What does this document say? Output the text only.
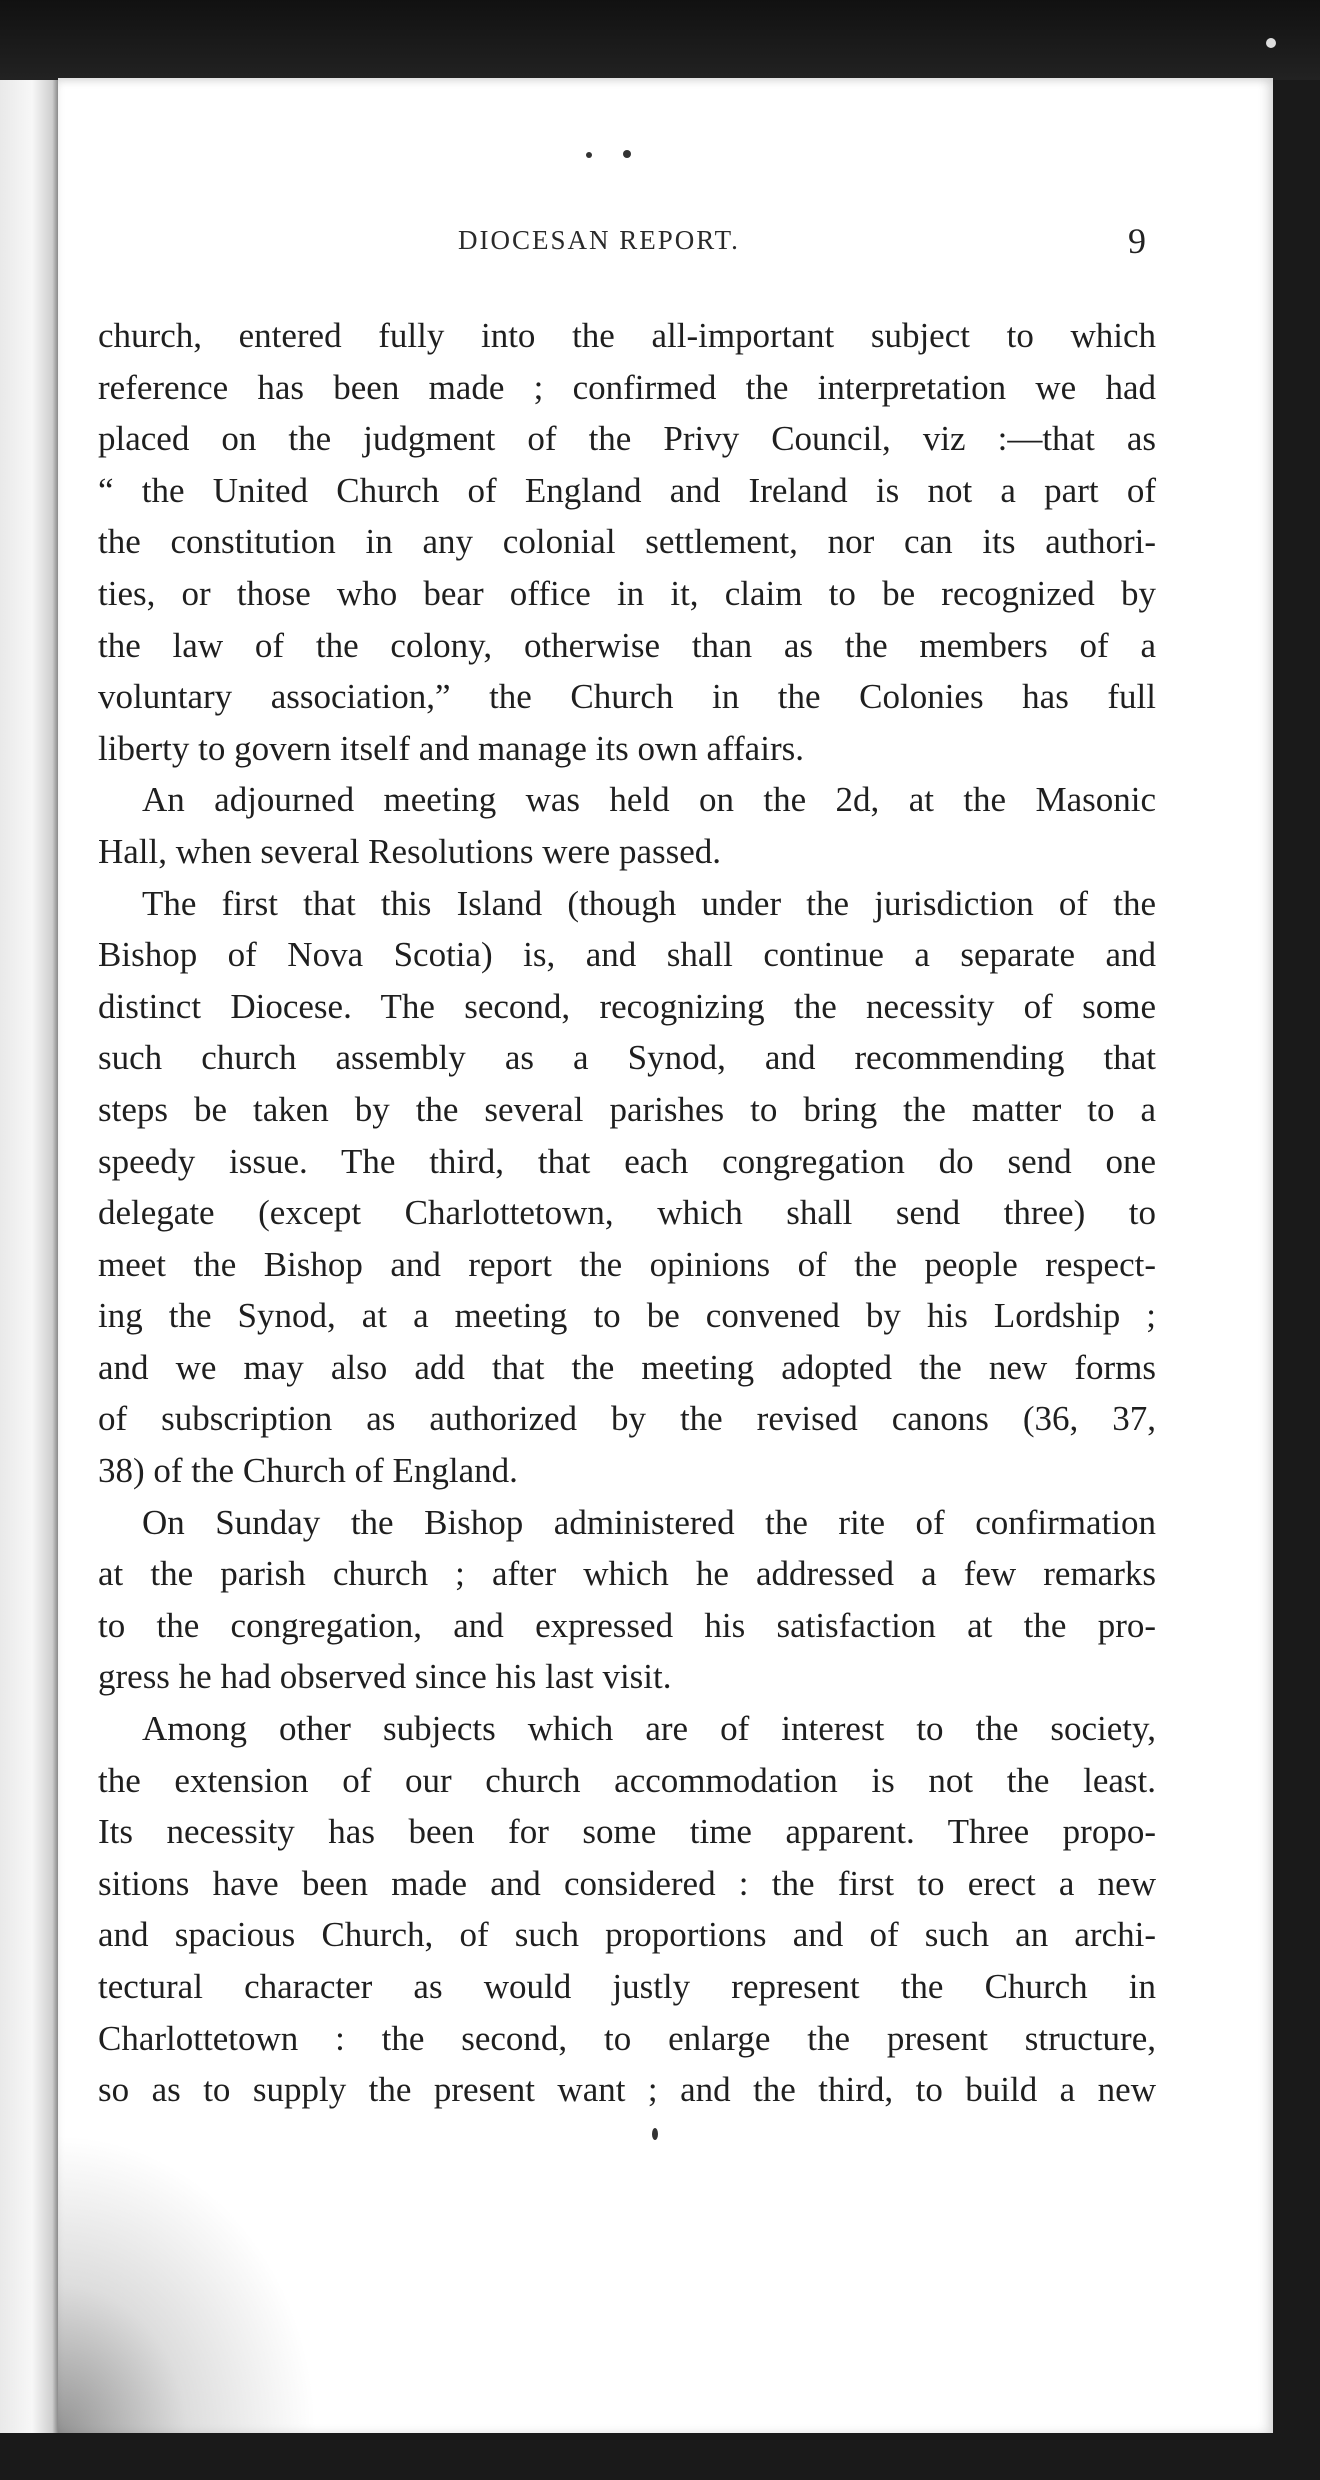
DIOCESAN REPORT.	9
church, entered fully into the all-important subject to which
reference has been made ; confirmed the interpretation we had
placed on the judgment of the Privy Council, viz :—that as
“ the United Church of England and Ireland is not a part of
the constitution in any colonial settlement, nor can its authori-
ties, or those who bear office in it, claim to be recognized by
the law of the colony, otherwise than as the members of a
voluntary association,” the Church in the Colonies has full
liberty to govern itself and manage its own affairs.
An adjourned meeting was held on the 2d, at the Masonic
Hall, when several Resolutions were passed.
The first that this Island (though under the jurisdiction of the
Bishop of Nova Scotia) is, and shall continue a separate and
distinct Diocese. The second, recognizing the necessity of some
such church assembly as a Synod, and recommending that
steps be taken by the several parishes to bring the matter to a
speedy issue. The third, that each congregation do send one
delegate (except Charlottetown, which shall send three) to
meet the Bishop and report the opinions of the people respect-
ing the Synod, at a meeting to be convened by his Lordship ;
and we may also add that the meeting adopted the new forms
of subscription as authorized by the revised canons (36, 37,
38) of the Church of England.
On Sunday the Bishop administered the rite of confirmation
at the parish church ; after which he addressed a few remarks
to the congregation, and expressed his satisfaction at the pro-
gress he had observed since his last visit.
Among other subjects which are of interest to the society,
the extension of our church accommodation is not the least.
Its necessity has been for some time apparent. Three propo-
sitions have been made and considered : the first to erect a new
and spacious Church, of such proportions and of such an archi-
tectural character as would justly represent the Church in
Charlottetown : the second, to enlarge the present structure,
so as to supply the present want ; and the third, to build a new
